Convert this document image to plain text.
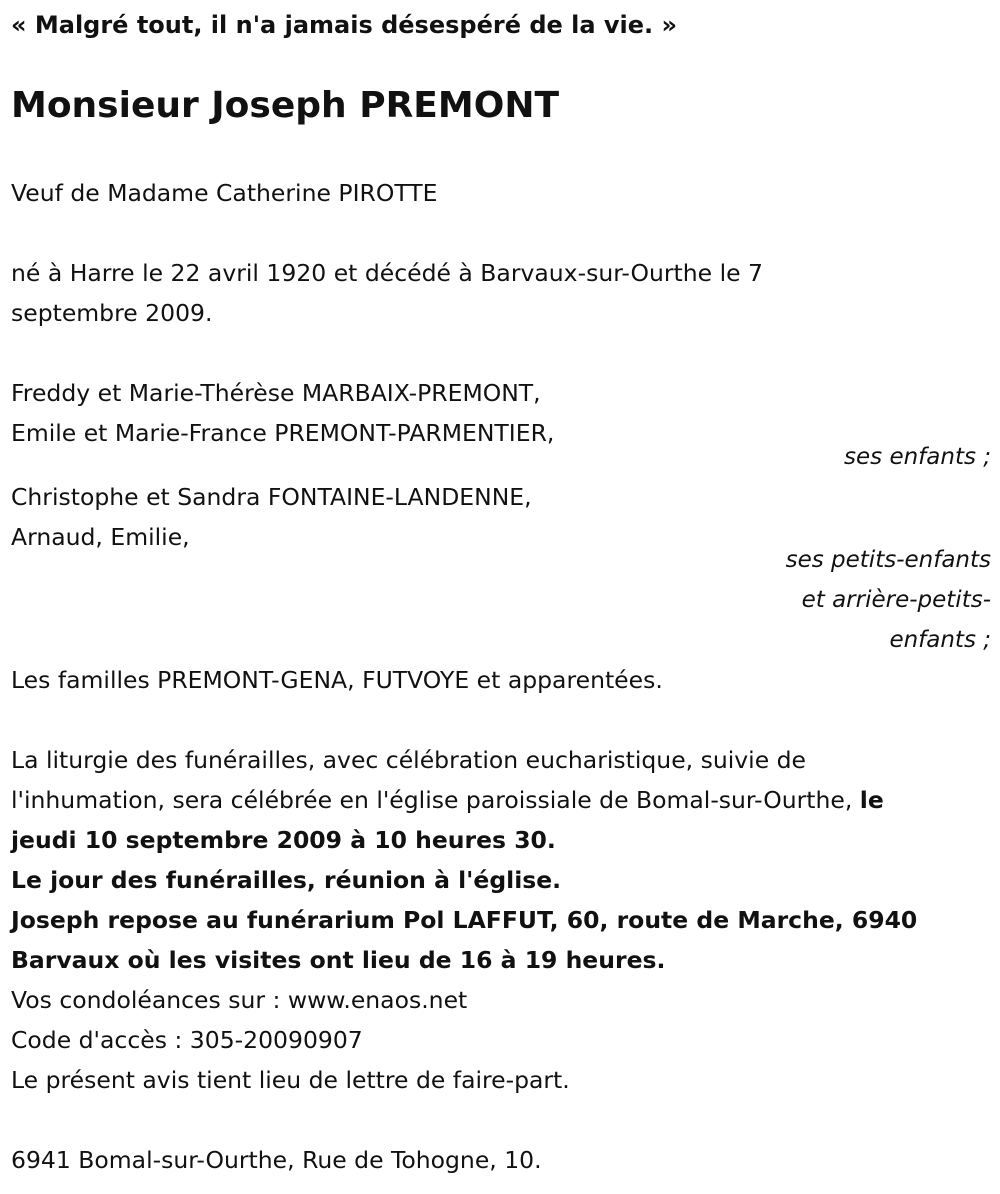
« Malgré tout, il n'a jamais désespéré de la vie. »
Monsieur Joseph PREMONT
Veuf de Madame Catherine PIROTTE
né à Harre le 22 avril 1920 et décédé à Barvaux-sur-Ourthe le 7
septembre 2009.
Freddy et Marie-Thérèse MARBAIX-PREMONT,
Emile et Marie-France PREMONT-PARMENTIER,
ses enfants ;
Christophe et Sandra FONTAINE-LANDENNE,
Arnaud, Emilie,
ses petits-enfants
et arrière-petits-
enfants ;
Les familles PREMONT-GENA, FUTVOYE et apparentées.
La liturgie des funérailles, avec célébration eucharistique, suivie de
l'inhumation, sera célébrée en l'église paroissiale de Bomal-sur-Ourthe, le
jeudi 10 septembre 2009 à 10 heures 30.
Le jour des funérailles, réunion à l'église.
Joseph repose au funérarium Pol LAFFUT, 60, route de Marche, 6940
Barvaux où les visites ont lieu de 16 à 19 heures.
Vos condoléances sur : www.enaos.net
Code d'accès : 305-20090907
Le présent avis tient lieu de lettre de faire-part.
6941 Bomal-sur-Ourthe, Rue de Tohogne, 10.
